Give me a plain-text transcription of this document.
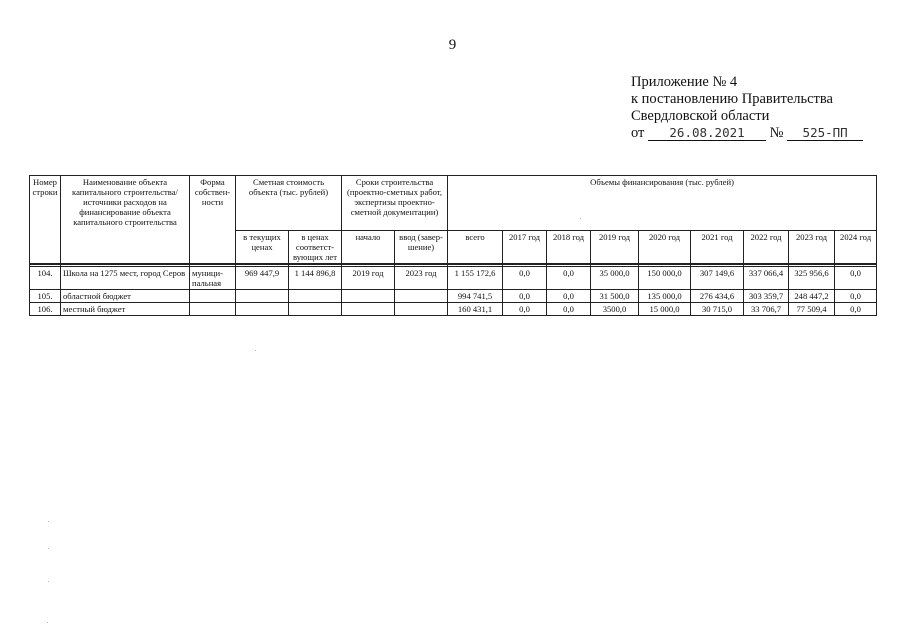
9
Приложение № 4
к постановлению Правительства
Свердловской области
от 26.08.2021 № 525-ПП
Номер строки	Наименование объекта капитального строительства/ источники расходов на финансирование объекта капитального строительства	Форма собствен- ности	Сметная стоимость объекта (тыс. рублей)		Сроки строительства (проектно-сметных работ, экспертизы проектно-сметной документации)		Объемы финансирования (тыс. рублей)								
			в текущих ценах	в ценах соответст- вующих лет	начало	ввод (завер- шение)	всего	2017 год	2018 год	2019 год	2020 год	2021 год	2022 год	2023 год	2024 год

104.	Школа на 1275 мест, город Серов	муници- пальная	969 447,9	1 144 896,8	2019 год	2023 год	1 155 172,6	0,0	0,0	35 000,0	150 000,0	307 149,6	337 066,4	325 956,6	0,0
105.	областной бюджет						994 741,5	0,0	0,0	31 500,0	135 000,0	276 434,6	303 359,7	248 447,2	0,0
106.	местный бюджет						160 431,1	0,0	0,0	3500,0	15 000,0	30 715,0	33 706,7	77 509,4	0,0
